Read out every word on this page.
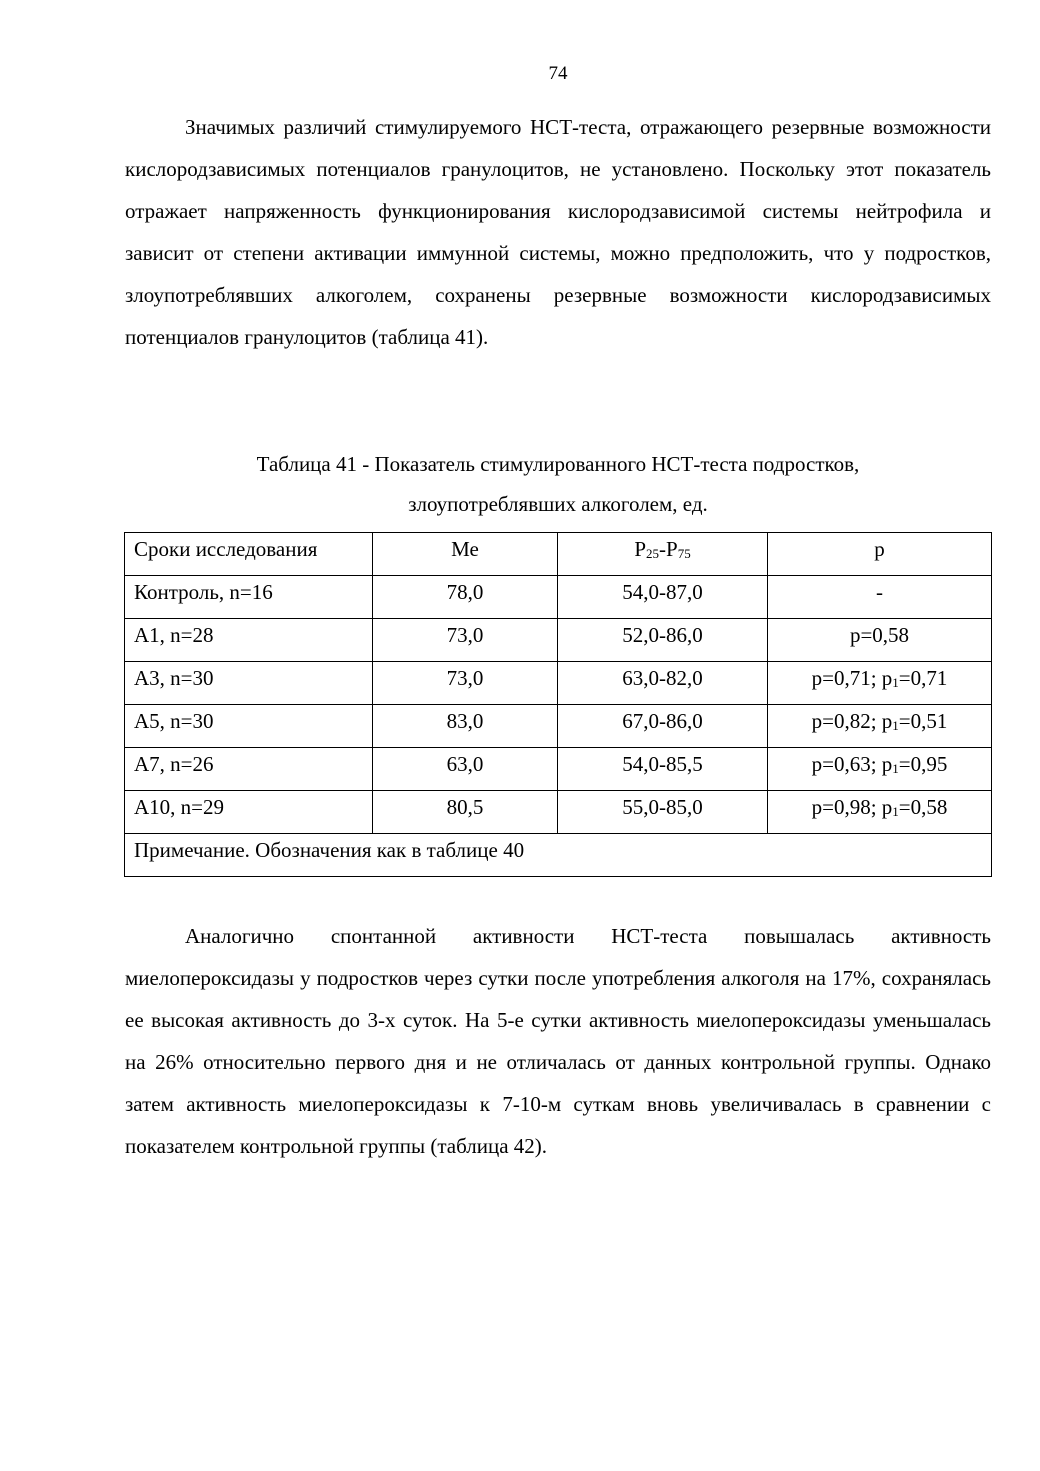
74

Значимых различий стимулируемого НСТ-теста, отражающего резервные возможности кислородзависимых потенциалов гранулоцитов, не установлено. Поскольку этот показатель отражает напряженность функционирования кислородзависимой системы нейтрофила и зависит от степени активации иммунной системы, можно предположить, что у подростков, злоупотреблявших алкоголем, сохранены резервные возможности кислородзависимых потенциалов гранулоцитов (таблица 41).

Таблица 41 - Показатель стимулированного НСТ-теста подростков,
злоупотреблявших алкоголем, ед.
Сроки исследования	Ме	$Р_{25}-Р_{75}$	р
Контроль, n=16	78,0	54,0-87,0	-
А1, n=28	73,0	52,0-86,0	р=0,58
А3, n=30	73,0	63,0-82,0	р=0,71; $р_1=0,71$
А5, n=30	83,0	67,0-86,0	р=0,82; $р_1=0,51$
А7, n=26	63,0	54,0-85,5	р=0,63; $р_1=0,95$
А10, n=29	80,5	55,0-85,0	р=0,98; $р_1=0,58$
Примечание. Обозначения как в таблице 40			

Аналогично спонтанной активности НСТ-теста повышалась активность миелопероксидазы у подростков через сутки после употребления алкоголя на 17%, сохранялась ее высокая активность до 3-х суток. На 5-е сутки активность миелопероксидазы уменьшалась на 26% относительно первого дня и не отличалась от данных контрольной группы. Однако затем активность миелопероксидазы к 7-10-м суткам вновь увеличивалась в сравнении с показателем контрольной группы (таблица 42).
